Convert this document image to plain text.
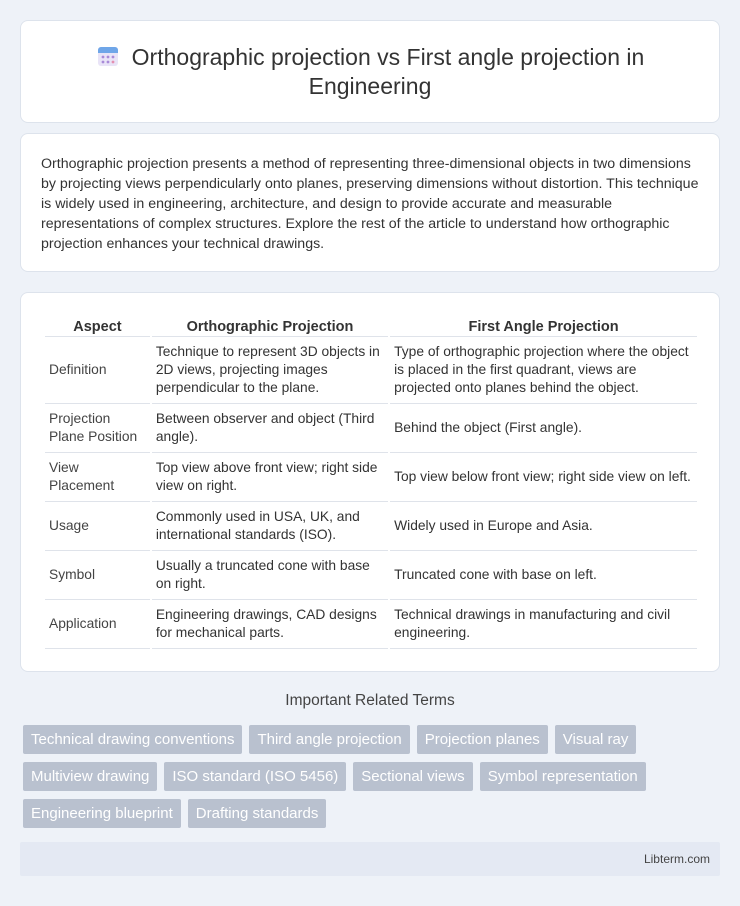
Orthographic projection vs First angle projection in Engineering

Orthographic projection presents a method of representing three-dimensional objects in two dimensions by projecting views perpendicularly onto planes, preserving dimensions without distortion. This technique is widely used in engineering, architecture, and design to provide accurate and measurable representations of complex structures. Explore the rest of the article to understand how orthographic projection enhances your technical drawings.

Aspect	Orthographic Projection	First Angle Projection
Definition	Technique to represent 3D objects in 2D views, projecting images perpendicular to the plane.	Type of orthographic projection where the object is placed in the first quadrant, views are projected onto planes behind the object.
Projection Plane Position	Between observer and object (Third angle).	Behind the object (First angle).
View Placement	Top view above front view; right side view on right.	Top view below front view; right side view on left.
Usage	Commonly used in USA, UK, and international standards (ISO).	Widely used in Europe and Asia.
Symbol	Usually a truncated cone with base on right.	Truncated cone with base on left.
Application	Engineering drawings, CAD designs for mechanical parts.	Technical drawings in manufacturing and civil engineering.
Important Related Terms
Technical drawing conventions	Third angle projection	Projection planes	Visual ray
Multiview drawing	ISO standard (ISO 5456)	Sectional views	Symbol representation
Engineering blueprint	Drafting standards
Libterm.com
